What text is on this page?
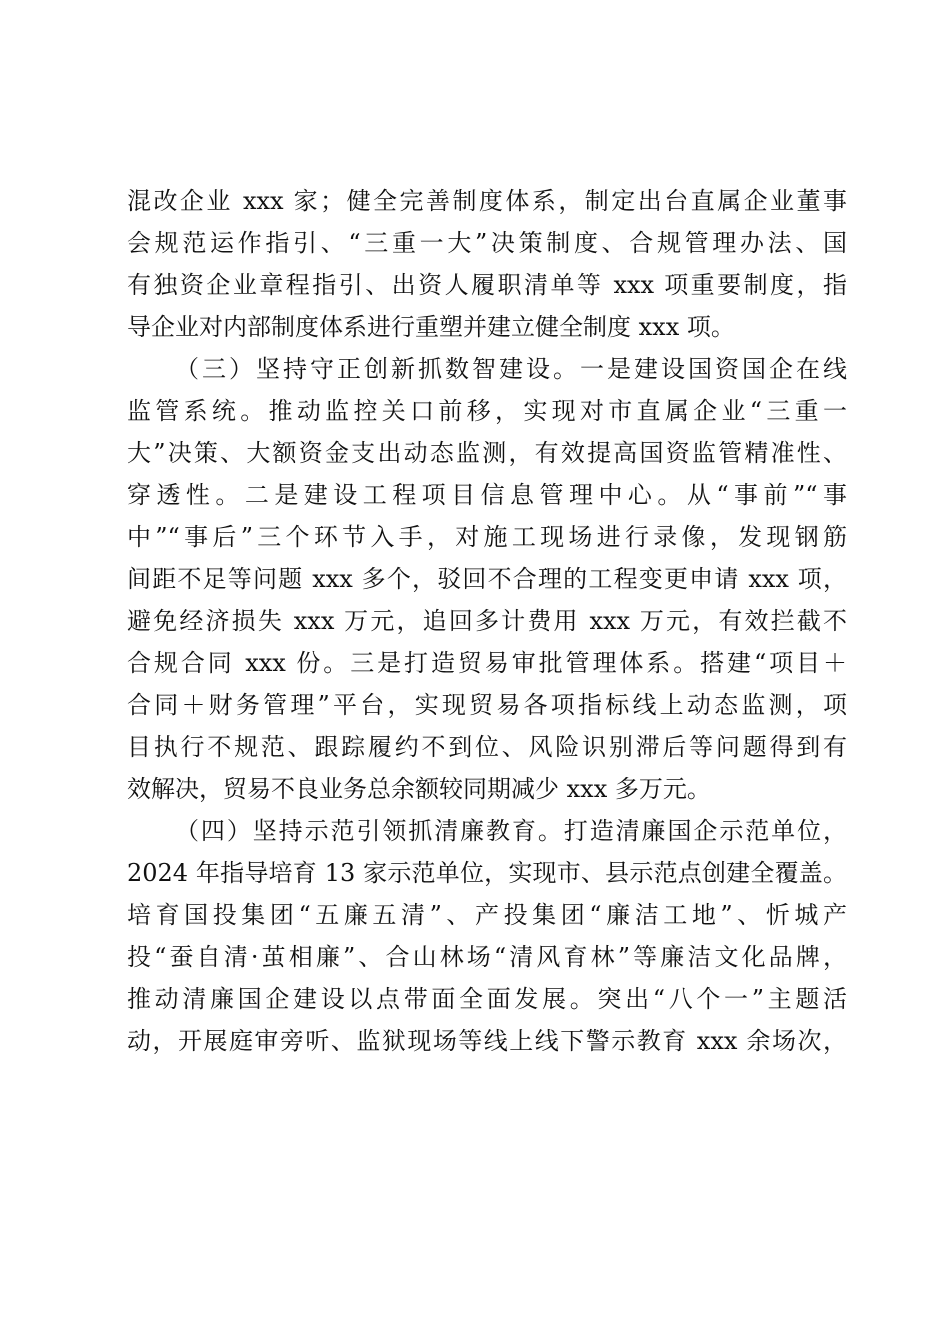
混改企业 xxx 家；健全完善制度体系，制定出台直属企业董事
会规范运作指引、“三重一大”决策制度、合规管理办法、国
有独资企业章程指引、出资人履职清单等 xxx 项重要制度，指
导企业对内部制度体系进行重塑并建立健全制度 xxx 项。
（三）坚持守正创新抓数智建设。一是建设国资国企在线
监管系统。推动监控关口前移，实现对市直属企业“三重一
大”决策、大额资金支出动态监测，有效提高国资监管精准性、
穿透性。二是建设工程项目信息管理中心。从“事前”“事
中”“事后”三个环节入手，对施工现场进行录像，发现钢筋
间距不足等问题 xxx 多个，驳回不合理的工程变更申请 xxx 项，
避免经济损失 xxx 万元，追回多计费用 xxx 万元，有效拦截不
合规合同 xxx 份。三是打造贸易审批管理体系。搭建“项目＋
合同＋财务管理”平台，实现贸易各项指标线上动态监测，项
目执行不规范、跟踪履约不到位、风险识别滞后等问题得到有
效解决，贸易不良业务总余额较同期减少 xxx 多万元。
（四）坚持示范引领抓清廉教育。打造清廉国企示范单位，
2024 年指导培育 13 家示范单位，实现市、县示范点创建全覆盖。
培育国投集团“五廉五清”、产投集团“廉洁工地”、忻城产
投“蚕自清·茧相廉”、合山林场“清风育林”等廉洁文化品牌，
推动清廉国企建设以点带面全面发展。突出“八个一”主题活
动，开展庭审旁听、监狱现场等线上线下警示教育 xxx 余场次，
